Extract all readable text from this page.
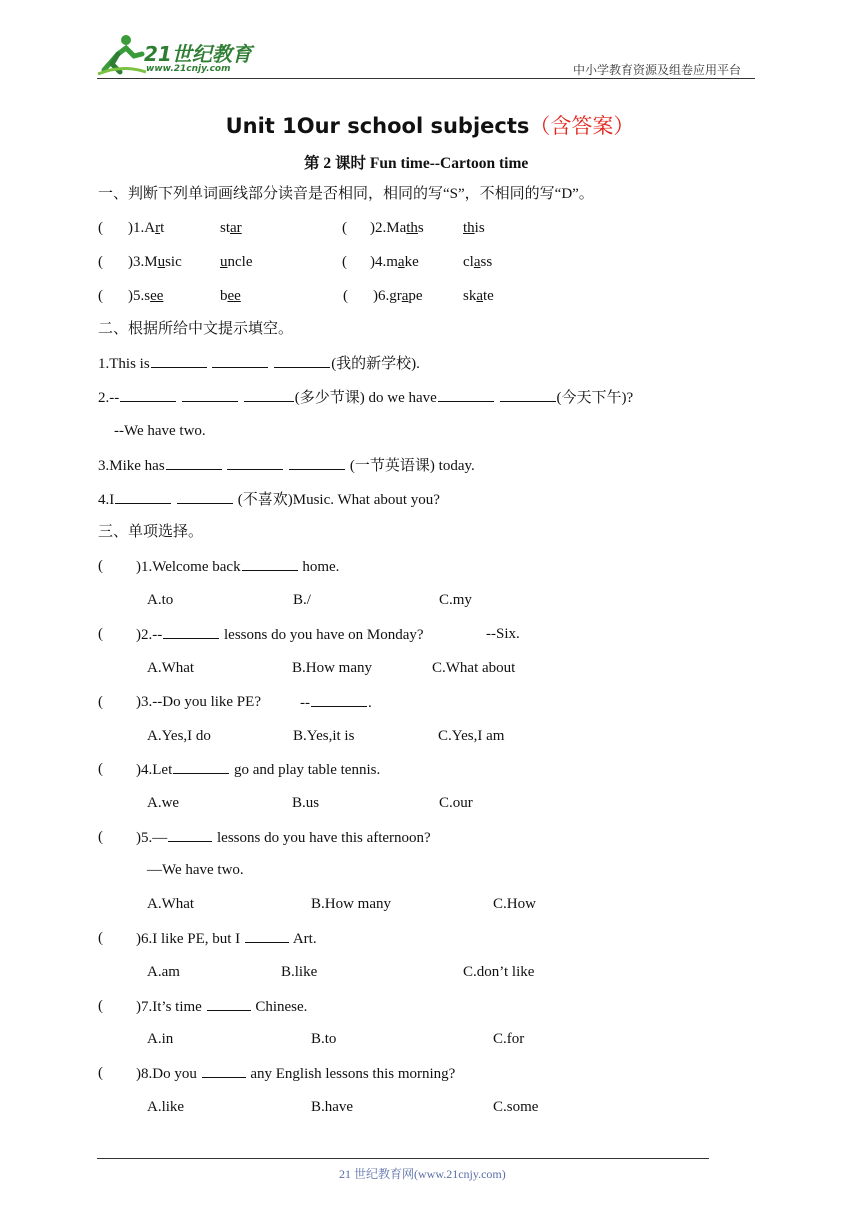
21世纪教育
www.21cnjy.com	中小学教育资源及组卷应用平台
Unit 1Our school subjects（含答案）
第 2 课时 Fun time--Cartoon time
一、判断下列单词画线部分读音是否相同，相同的写“S”，不相同的写“D”。
( )1.Art	star	( )2.Maths	this
( )3.Music	uncle	( )4.make	class
( )5.see	bee	( )6.grape	skate
二、根据所给中文提示填空。
1.This is	(我的新学校).
2.--	(多少节课) do we have	(今天下午)?
--We have two.
3.Mike has	(一节英语课) today.
4.I	(不喜欢)Music. What about you?
三、单项选择。
( )1.Welcome back	home.
A.to	B./	C.my
( )2.--	lessons do you have on Monday?	--Six.
A.What	B.How many	C.What about
( )3.--Do you like PE?	--	.
A.Yes,I do	B.Yes,it is	C.Yes,I am
( )4.Let	go and play table tennis.
A.we	B.us	C.our
( )5.—	lessons do you have this afternoon?
—We have two.
A.What	B.How many	C.How
( )6.I like PE, but I	Art.
A.am	B.like	C.don’t like
( )7.It’s time	Chinese.
A.in	B.to	C.for
( )8.Do you	any English lessons this morning?
A.like	B.have	C.some
21 世纪教育网(www.21cnjy.com)
